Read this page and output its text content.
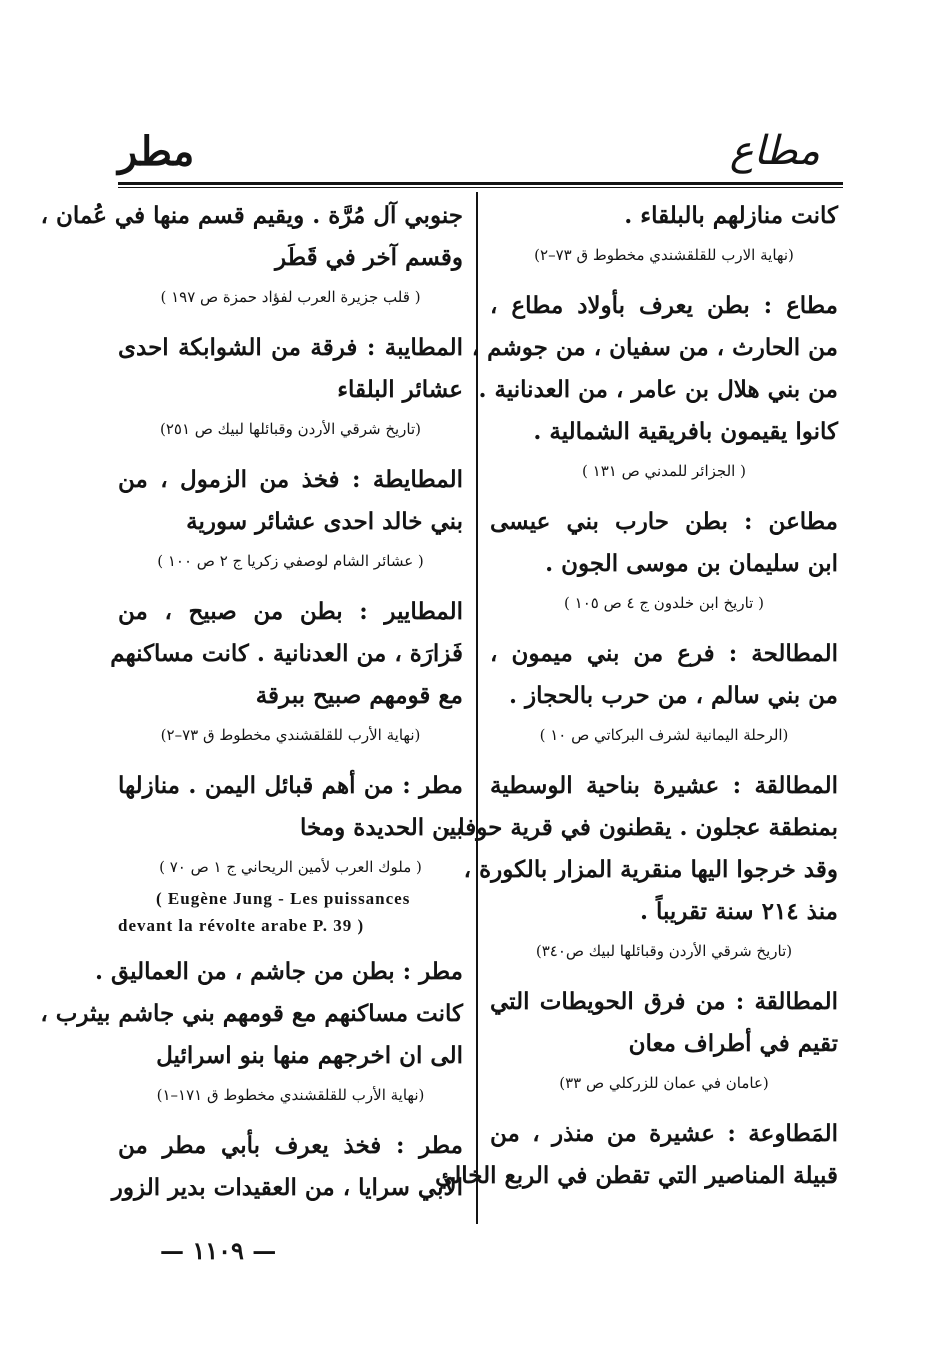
مطاع
مطر
كانت منازلهم بالبلقاء .
(نهاية الارب للقلقشندي مخطوط ق ٧٣–٢)
مطاع : بطن يعرف بأولاد مطاع ،
من الحارث ، من سفيان ، من جوشم ،
من بني هلال بن عامر ، من العدنانية .
كانوا يقيمون بافريقية الشمالية .
( الجزائر للمدني ص ١٣١ )
مطاعن : بطن حارب بني عيسى
ابن سليمان بن موسى الجون .
( تاريخ ابن خلدون ج ٤ ص ١٠٥ )
المطالحة : فرع من بني ميمون ،
من بني سالم ، من حرب بالحجاز .
(الرحلة اليمانية لشرف البركاتي ص ١٠ )
المطالقة : عشيرة بناحية الوسطية
بمنطقة عجلون . يقطنون في قرية حوفا ،
وقد خرجوا اليها منقرية المزار بالكورة ،
منذ ٢١٤ سنة تقريباً .
(تاريخ شرقي الأردن وقبائلها لبيك ص٣٤٠)
المطالقة : من فرق الحويطات التي
تقيم في أطراف معان
(عامان في عمان للزركلي ص ٣٣)
المَطاوعة : عشيرة من منذر ، من
قبيلة المناصير التي تقطن في الربع الخالي
جنوبي آل مُرَّة . ويقيم قسم منها في عُمان ،
وقسم آخر في قَطَر
( قلب جزيرة العرب لفؤاد حمزة ص ١٩٧ )
المطايبة : فرقة من الشوابكة احدى
عشائر البلقاء
(تاريخ شرقي الأردن وقبائلها لبيك ص ٢٥١)
المطايطة : فخذ من الزمول ، من
بني خالد احدى عشائر سورية
( عشائر الشام لوصفي زكريا ج ٢ ص ١٠٠ )
المطايير : بطن من صبيح ، من
فَزارَة ، من العدنانية . كانت مساكنهم
مع قومهم صبيح ببرقة
(نهاية الأرب للقلقشندي مخطوط ق ٧٣–٢)
مطر : من أهم قبائل اليمن . منازلها
بين الحديدة ومخا
( ملوك العرب لأمين الريحاني ج ١ ص ٧٠ )
( Eugène Jung - Les puissances
devant la révolte arabe P. 39 )
مطر : بطن من جاشم ، من العماليق .
كانت مساكنهم مع قومهم بني جاشم بيثرب ،
الى ان اخرجهم منها بنو اسرائيل
(نهاية الأرب للقلقشندي مخطوط ق ١٧١–١)
مطر : فخذ يعرف بأبي مطر من
الأبي سرايا ، من العقيدات بدير الزور
— ١١٠٩ —
